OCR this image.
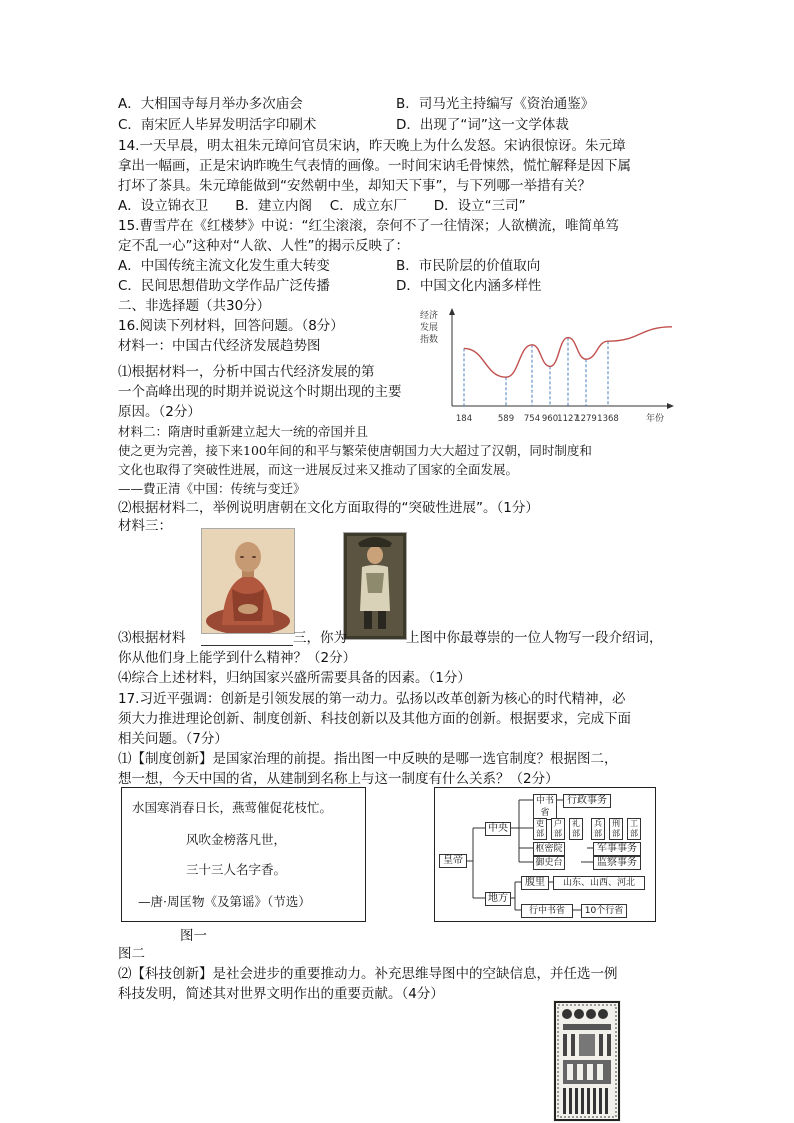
A．大相国寺每月举办多次庙会	B．司马光主持编写《资治通鉴》
C．南宋匠人毕昇发明活字印刷术	D．出现了“词”这一文学体裁
14.一天早晨，明太祖朱元璋问官员宋讷，昨天晚上为什么发怒。宋讷很惊讶。朱元璋
拿出一幅画，正是宋讷昨晚生气表情的画像。一时间宋讷毛骨悚然，慌忙解释是因下属
打坏了茶具。朱元璋能做到“安然朝中坐，却知天下事”，与下列哪一举措有关？
A．设立锦衣卫　　B．建立内阁　 C．成立东厂　　D．设立“三司”
15.曹雪芹在《红楼梦》中说：“红尘滚滚，奈何不了一往情深；人欲横流，唯简单笃
定不乱一心”这种对“人欲、人性”的揭示反映了：
A．中国传统主流文化发生重大转变	B．市民阶层的价值取向
C．民间思想借助文学作品广泛传播	D．中国文化内涵多样性
二、非选择题（共30分）
16.阅读下列材料，回答问题。（8分）
材料一：中国古代经济发展趋势图
⑴根据材料一，分析中国古代经济发展的第
一个高峰出现的时期并说说这个时期出现的主要
原因。（2分）
经济
发展
指数
184	589 754 960 1127
1279 1368	年份
材料二：隋唐时重新建立起大一统的帝国并且
使之更为完善，接下来100年间的和平与繁荣使唐朝国力大大超过了汉朝，同时制度和
文化也取得了突破性进展，而这一进展反过来又推动了国家的全面发展。
——費正清《中国：传统与变迁》
⑵根据材料二，举例说明唐朝在文化方面取得的“突破性进展”。（1分）
材料三：
⑶根据材料	三，你为	上图中你最尊崇的一位人物写一段介绍词，
你从他们身上能学到什么精神？（2分）
⑷综合上述材料，归纳国家兴盛所需要具备的因素。（1分）
17.习近平强调：创新是引领发展的第一动力。弘扬以改革创新为核心的时代精神，必
须大力推进理论创新、制度创新、科技创新以及其他方面的创新。根据要求，完成下面
相关问题。（7分）
⑴【制度创新】是国家治理的前提。指出图一中反映的是哪一选官制度？根据图二，
想一想，今天中国的省，从建制到名称上与这一制度有什么关系？（2分）
水国寒消春日长，燕莺催促花枝忙。
风吹金榜落凡世，
三十三人名字香。
—唐·周匡物《及第谣》（节选）
图一
图二
皇帝
中央
地方
中书省
行政事务
吏部
户部
礼部
兵部
刑部
工部
枢密院	军事事务
御史台	监察事务
腹里	山东、山西、河北
行中书省	10个行省
⑵【科技创新】是社会进步的重要推动力。补充思维导图中的空缺信息，并任选一例
科技发明，简述其对世界文明作出的重要贡献。（4分）
